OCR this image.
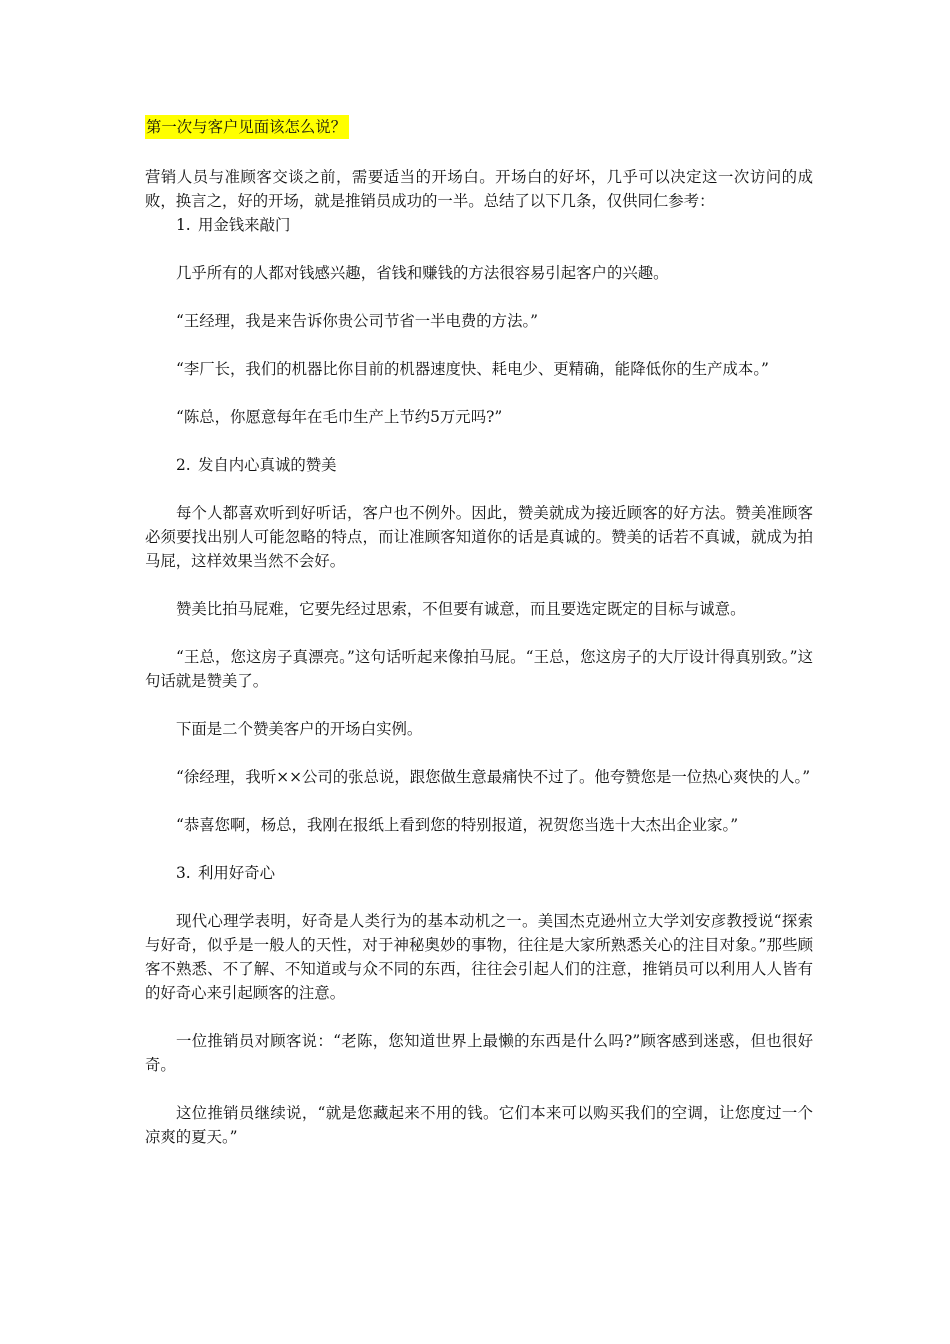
第一次与客户见面该怎么说？

营销人员与准顾客交谈之前，需要适当的开场白。开场白的好坏，几乎可以决定这一次访问的成败，换言之，好的开场，就是推销员成功的一半。总结了以下几条，仅供同仁参考：

1. 用金钱来敲门

几乎所有的人都对钱感兴趣，省钱和赚钱的方法很容易引起客户的兴趣。

“王经理，我是来告诉你贵公司节省一半电费的方法。”

“李厂长，我们的机器比你目前的机器速度快、耗电少、更精确，能降低你的生产成本。”

“陈总，你愿意每年在毛巾生产上节约5万元吗?”

2. 发自内心真诚的赞美

每个人都喜欢听到好听话，客户也不例外。因此，赞美就成为接近顾客的好方法。赞美准顾客必须要找出别人可能忽略的特点，而让准顾客知道你的话是真诚的。赞美的话若不真诚，就成为拍马屁，这样效果当然不会好。

赞美比拍马屁难，它要先经过思索，不但要有诚意，而且要选定既定的目标与诚意。

“王总，您这房子真漂亮。”这句话听起来像拍马屁。“王总，您这房子的大厅设计得真别致。”这句话就是赞美了。

下面是二个赞美客户的开场白实例。

“徐经理，我听××公司的张总说，跟您做生意最痛快不过了。他夸赞您是一位热心爽快的人。”

“恭喜您啊，杨总，我刚在报纸上看到您的特别报道，祝贺您当选十大杰出企业家。”

3. 利用好奇心

现代心理学表明，好奇是人类行为的基本动机之一。美国杰克逊州立大学刘安彦教授说“探索与好奇，似乎是一般人的天性，对于神秘奥妙的事物，往往是大家所熟悉关心的注目对象。”那些顾客不熟悉、不了解、不知道或与众不同的东西，往往会引起人们的注意，推销员可以利用人人皆有的好奇心来引起顾客的注意。

一位推销员对顾客说：“老陈，您知道世界上最懒的东西是什么吗?”顾客感到迷惑，但也很好奇。

这位推销员继续说，“就是您藏起来不用的钱。它们本来可以购买我们的空调，让您度过一个凉爽的夏天。”
